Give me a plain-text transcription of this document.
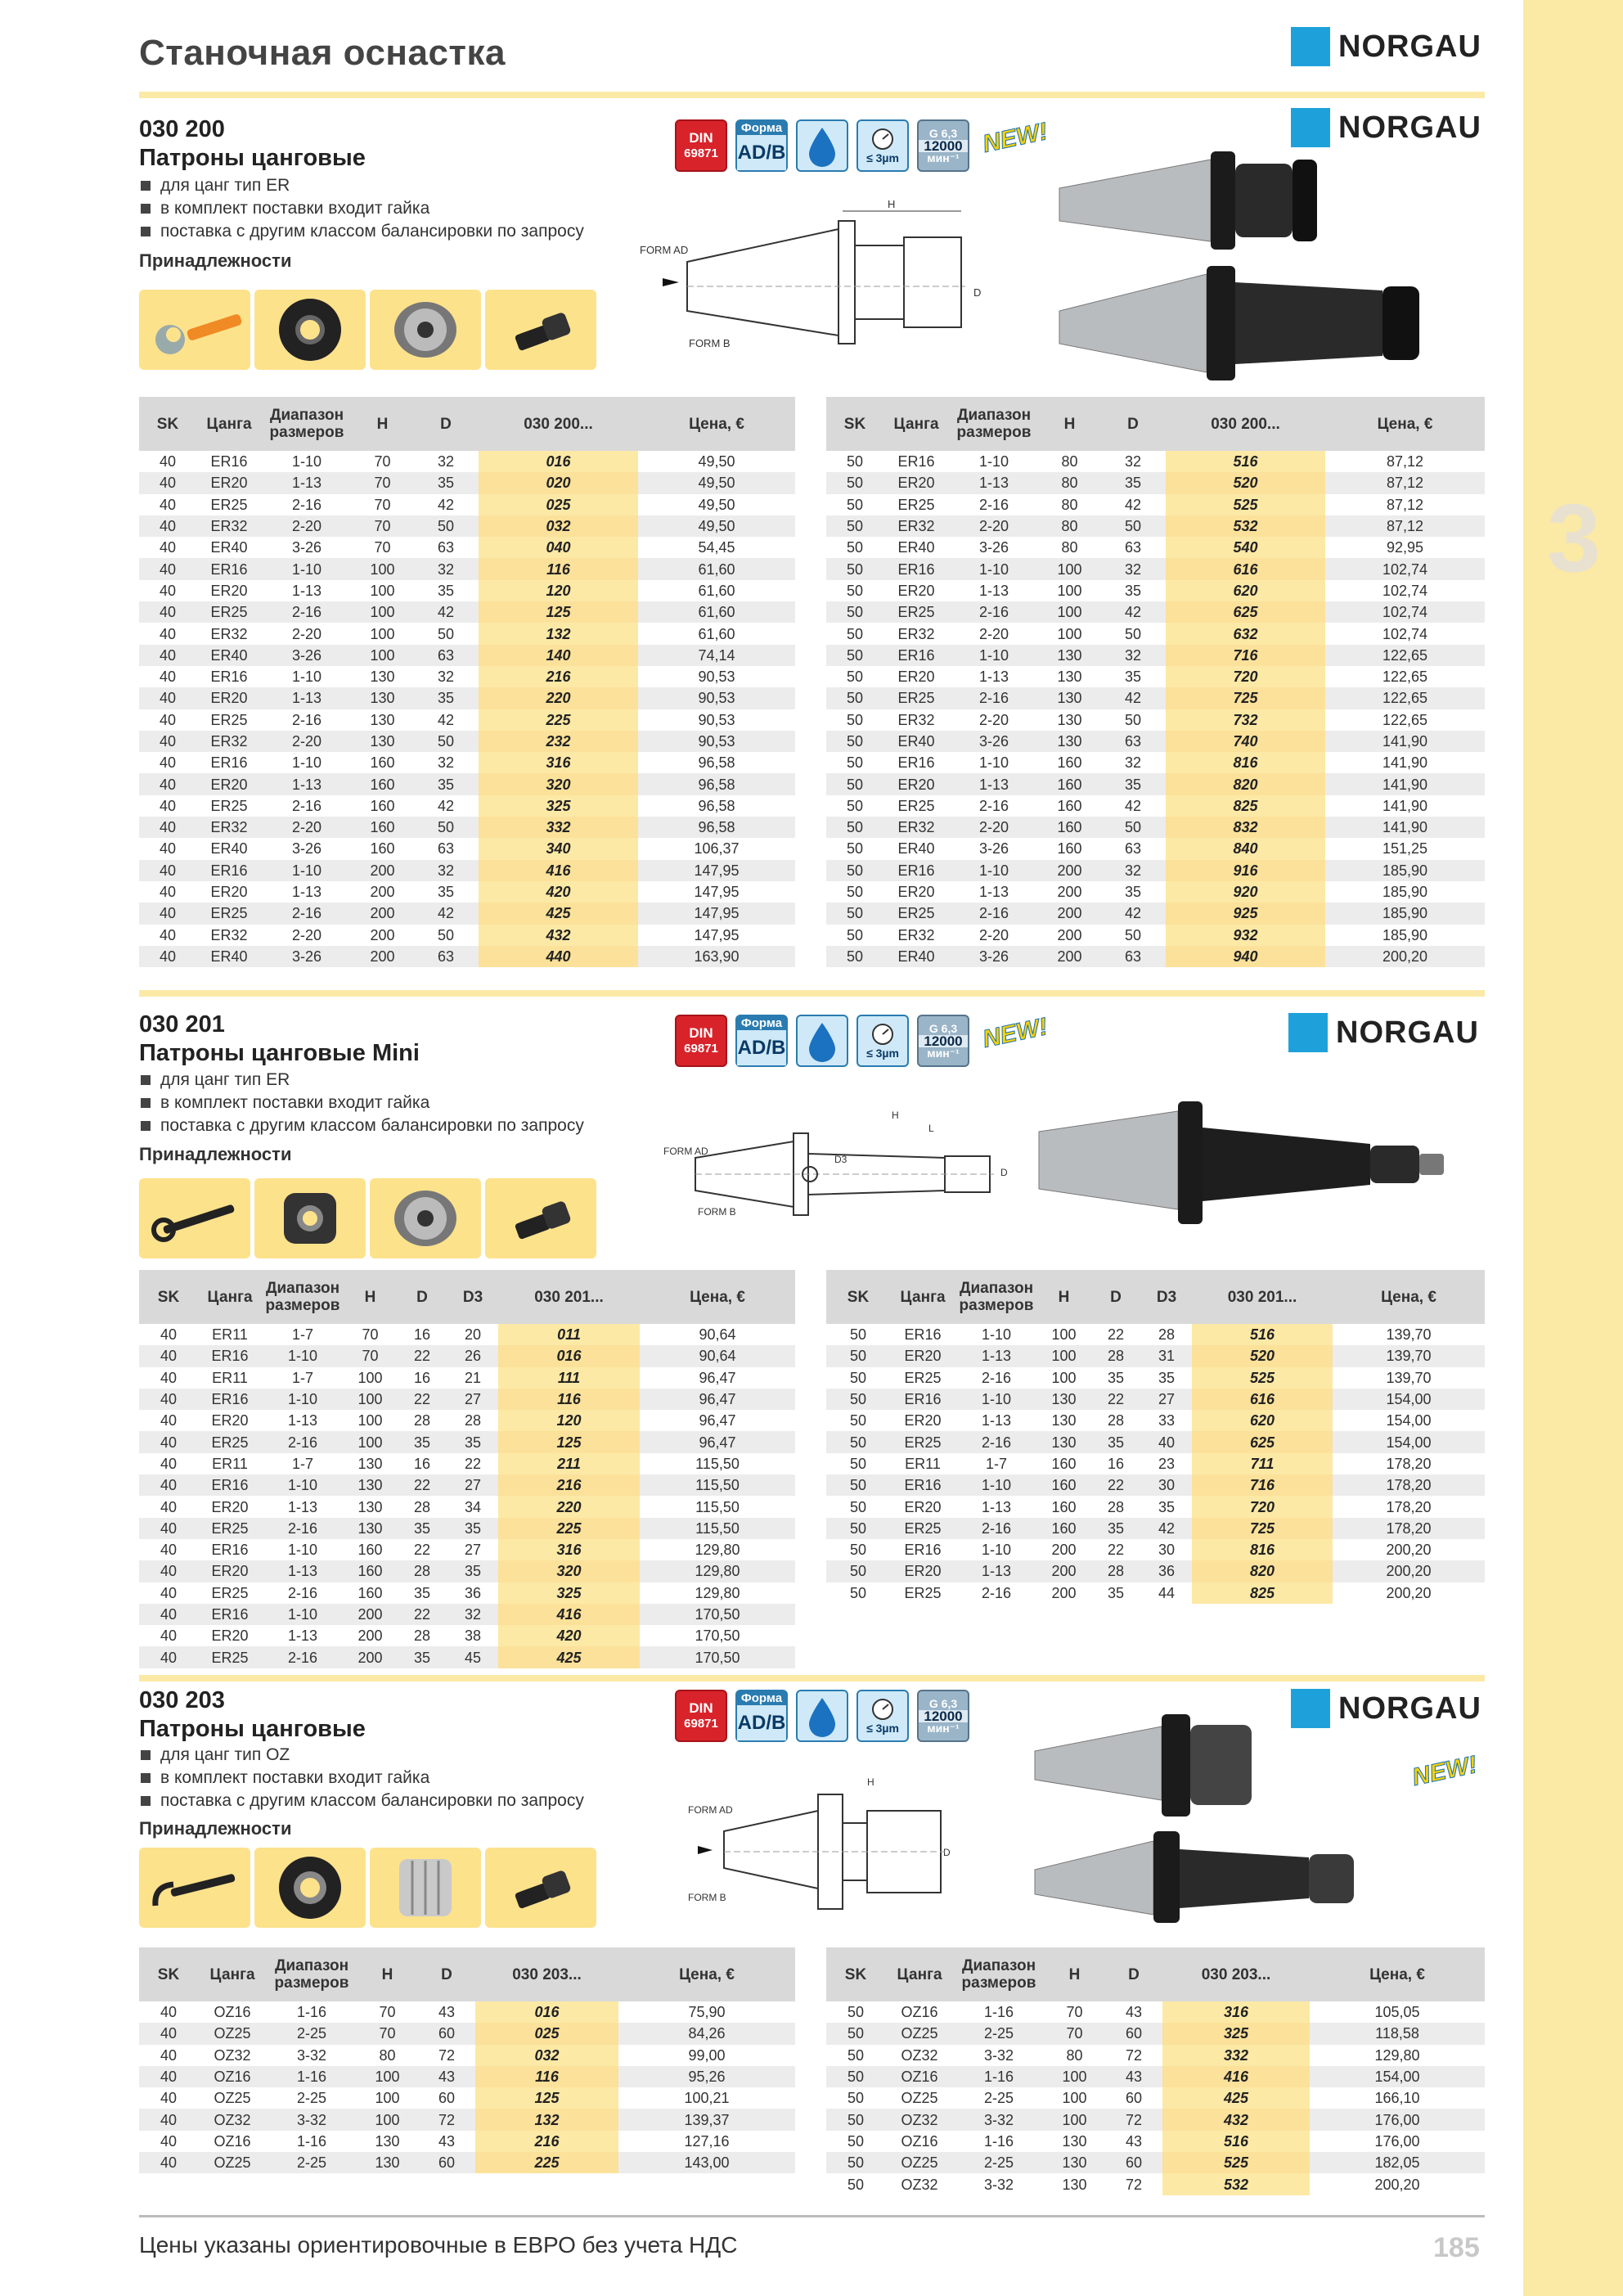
3
Станочная оснастка	NORGAU
030 200
Патроны цанговые
для цанг тип ER
в комплект поставки входит гайка
поставка с другим классом балансировки по запросу
Принадлежности
DIN
69871
Форма
AD/B	≤ 3µm
G 6,3
12000
мин⁻¹ NEW!
FORM AD
FORM B
H
D
NORGAU
SK	Цанга	Диапазон размеров	H	D	030 200...	Цена, €
40	ER16	1-10	70	32	016	49,50
40	ER20	1-13	70	35	020	49,50
40	ER25	2-16	70	42	025	49,50
40	ER32	2-20	70	50	032	49,50
40	ER40	3-26	70	63	040	54,45
40	ER16	1-10	100	32	116	61,60
40	ER20	1-13	100	35	120	61,60
40	ER25	2-16	100	42	125	61,60
40	ER32	2-20	100	50	132	61,60
40	ER40	3-26	100	63	140	74,14
40	ER16	1-10	130	32	216	90,53
40	ER20	1-13	130	35	220	90,53
40	ER25	2-16	130	42	225	90,53
40	ER32	2-20	130	50	232	90,53
40	ER16	1-10	160	32	316	96,58
40	ER20	1-13	160	35	320	96,58
40	ER25	2-16	160	42	325	96,58
40	ER32	2-20	160	50	332	96,58
40	ER40	3-26	160	63	340	106,37
40	ER16	1-10	200	32	416	147,95
40	ER20	1-13	200	35	420	147,95
40	ER25	2-16	200	42	425	147,95
40	ER32	2-20	200	50	432	147,95
40	ER40	3-26	200	63	440	163,90
SK	Цанга	Диапазон размеров	H	D	030 200...	Цена, €
50	ER16	1-10	80	32	516	87,12
50	ER20	1-13	80	35	520	87,12
50	ER25	2-16	80	42	525	87,12
50	ER32	2-20	80	50	532	87,12
50	ER40	3-26	80	63	540	92,95
50	ER16	1-10	100	32	616	102,74
50	ER20	1-13	100	35	620	102,74
50	ER25	2-16	100	42	625	102,74
50	ER32	2-20	100	50	632	102,74
50	ER16	1-10	130	32	716	122,65
50	ER20	1-13	130	35	720	122,65
50	ER25	2-16	130	42	725	122,65
50	ER32	2-20	130	50	732	122,65
50	ER40	3-26	130	63	740	141,90
50	ER16	1-10	160	32	816	141,90
50	ER20	1-13	160	35	820	141,90
50	ER25	2-16	160	42	825	141,90
50	ER32	2-20	160	50	832	141,90
50	ER40	3-26	160	63	840	151,25
50	ER16	1-10	200	32	916	185,90
50	ER20	1-13	200	35	920	185,90
50	ER25	2-16	200	42	925	185,90
50	ER32	2-20	200	50	932	185,90
50	ER40	3-26	200	63	940	200,20
030 201
Патроны цанговые Mini
для цанг тип ER
в комплект поставки входит гайка
поставка с другим классом балансировки по запросу
Принадлежности
DIN
69871
Форма
AD/B	≤ 3µm
G 6,3
12000
мин⁻¹ NEW!	NORGAU
FORM AD
FORM B
H
L
D
D3
SK	Цанга	Диапазон размеров	H	D	D3	030 201...	Цена, €
40	ER11	1-7	70	16	20	011	90,64
40	ER16	1-10	70	22	26	016	90,64
40	ER11	1-7	100	16	21	111	96,47
40	ER16	1-10	100	22	27	116	96,47
40	ER20	1-13	100	28	28	120	96,47
40	ER25	2-16	100	35	35	125	96,47
40	ER11	1-7	130	16	22	211	115,50
40	ER16	1-10	130	22	27	216	115,50
40	ER20	1-13	130	28	34	220	115,50
40	ER25	2-16	130	35	35	225	115,50
40	ER16	1-10	160	22	27	316	129,80
40	ER20	1-13	160	28	35	320	129,80
40	ER25	2-16	160	35	36	325	129,80
40	ER16	1-10	200	22	32	416	170,50
40	ER20	1-13	200	28	38	420	170,50
40	ER25	2-16	200	35	45	425	170,50
SK	Цанга	Диапазон размеров	H	D	D3	030 201...	Цена, €
50	ER16	1-10	100	22	28	516	139,70
50	ER20	1-13	100	28	31	520	139,70
50	ER25	2-16	100	35	35	525	139,70
50	ER16	1-10	130	22	27	616	154,00
50	ER20	1-13	130	28	33	620	154,00
50	ER25	2-16	130	35	40	625	154,00
50	ER11	1-7	160	16	23	711	178,20
50	ER16	1-10	160	22	30	716	178,20
50	ER20	1-13	160	28	35	720	178,20
50	ER25	2-16	160	35	42	725	178,20
50	ER16	1-10	200	22	30	816	200,20
50	ER20	1-13	200	28	36	820	200,20
50	ER25	2-16	200	35	44	825	200,20
030 203
Патроны цанговые
для цанг тип OZ
в комплект поставки входит гайка
поставка с другим классом балансировки по запросу
Принадлежности
DIN
69871
Форма
AD/B	≤ 3µm
G 6,3
12000
мин⁻¹
NORGAU
NEW!
FORM AD
FORM B
H
D
SK	Цанга	Диапазон размеров	H	D	030 203...	Цена, €
40	OZ16	1-16	70	43	016	75,90
40	OZ25	2-25	70	60	025	84,26
40	OZ32	3-32	80	72	032	99,00
40	OZ16	1-16	100	43	116	95,26
40	OZ25	2-25	100	60	125	100,21
40	OZ32	3-32	100	72	132	139,37
40	OZ16	1-16	130	43	216	127,16
40	OZ25	2-25	130	60	225	143,00
SK	Цанга	Диапазон размеров	H	D	030 203...	Цена, €
50	OZ16	1-16	70	43	316	105,05
50	OZ25	2-25	70	60	325	118,58
50	OZ32	3-32	80	72	332	129,80
50	OZ16	1-16	100	43	416	154,00
50	OZ25	2-25	100	60	425	166,10
50	OZ32	3-32	100	72	432	176,00
50	OZ16	1-16	130	43	516	176,00
50	OZ25	2-25	130	60	525	182,05
50	OZ32	3-32	130	72	532	200,20
Цены указаны ориентировочные в ЕВРО без учета НДС	185
